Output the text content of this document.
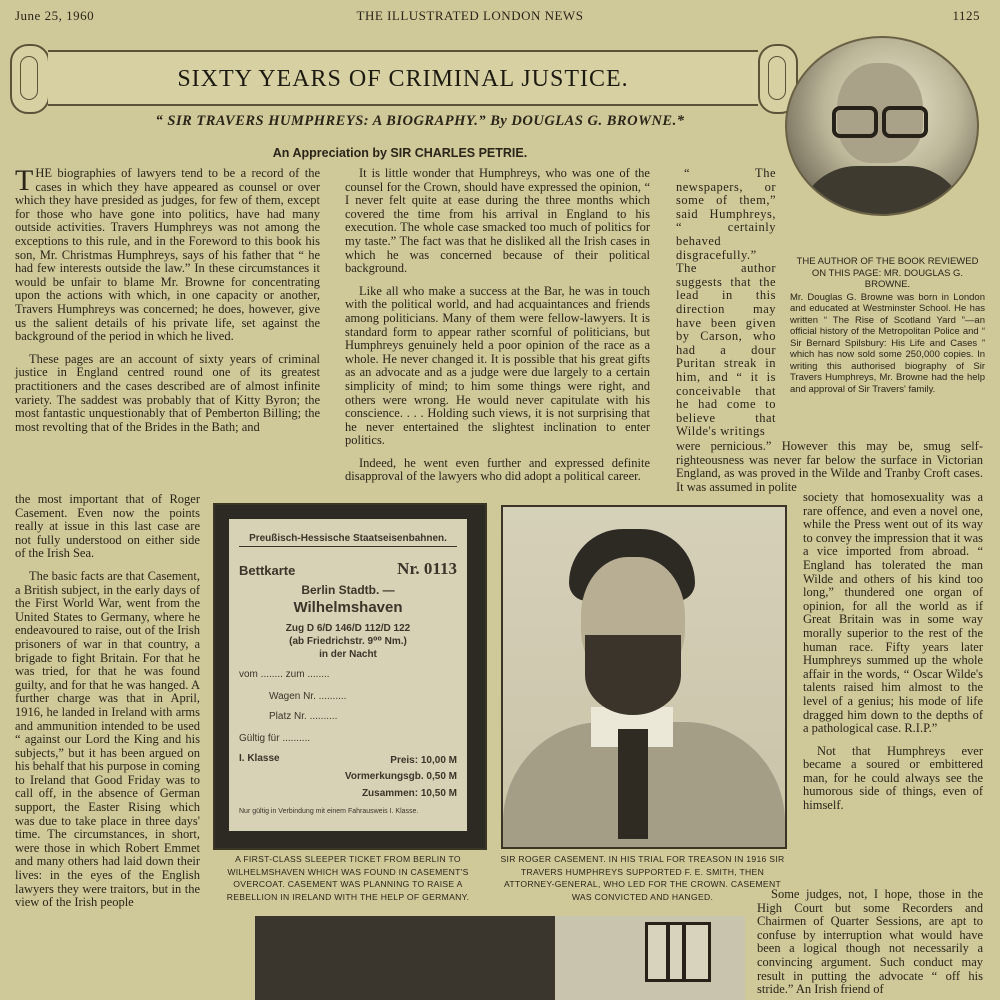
June 25, 1960	THE ILLUSTRATED LONDON NEWS	1125
SIXTY YEARS OF CRIMINAL JUSTICE.
“ SIR TRAVERS HUMPHREYS: A BIOGRAPHY.” By DOUGLAS G. BROWNE.*
An Appreciation by SIR CHARLES PETRIE.
THE AUTHOR OF THE BOOK REVIEWED ON THIS PAGE: MR. DOUGLAS G. BROWNE.
Mr. Douglas G. Browne was born in London and educated at Westminster School. He has written “ The Rise of Scotland Yard ”—an official history of the Metropolitan Police and “ Sir Bernard Spilsbury: His Life and Cases ” which has now sold some 250,000 copies. In writing this authorised biography of Sir Travers Humphreys, Mr. Browne had the help and approval of Sir Travers' family.

THE biographies of lawyers tend to be a record of the cases in which they have appeared as counsel or over which they have presided as judges, for few of them, except for those who have gone into politics, have had many outside activities. Travers Humphreys was not among the exceptions to this rule, and in the Foreword to this book his son, Mr. Christmas Humphreys, says of his father that “ he had few interests outside the law.” In these circumstances it would be unfair to blame Mr. Browne for concentrating upon the actions with which, in one capacity or another, Travers Humphreys was concerned; he does, however, give us the salient details of his private life, set against the background of the period in which he lived.

These pages are an account of sixty years of criminal justice in England centred round one of its greatest practitioners and the cases described are of almost infinite variety. The saddest was probably that of Kitty Byron; the most fantastic unquestionably that of Pemberton Billing; the most revolting that of the Brides in the Bath; and

the most important that of Roger Casement. Even now the points really at issue in this last case are not fully understood on either side of the Irish Sea.

The basic facts are that Casement, a British subject, in the early days of the First World War, went from the United States to Germany, where he endeavoured to raise, out of the Irish prisoners of war in that country, a brigade to fight Britain. For that he was tried, for that he was found guilty, and for that he was hanged. A further charge was that in April, 1916, he landed in Ireland with arms and ammunition intended to be used “ against our Lord the King and his subjects,” but it has been argued on his behalf that his purpose in coming to Ireland that Good Friday was to call off, in the absence of German support, the Easter Rising which was due to take place in three days' time. The circumstances, in short, were those in which Robert Emmet and many others had laid down their lives: in the eyes of the English lawyers they were traitors, but in the view of the Irish people

It is little wonder that Humphreys, who was one of the counsel for the Crown, should have expressed the opinion, “ I never felt quite at ease during the three months which covered the time from his arrival in England to his execution. The whole case smacked too much of politics for my taste.” The fact was that he disliked all the Irish cases in which he was concerned because of their political background.

Like all who make a success at the Bar, he was in touch with the political world, and had acquaintances and friends among politicians. Many of them were fellow-lawyers. It is standard form to appear rather scornful of politicians, but Humphreys genuinely held a poor opinion of the race as a whole. He never changed it. It is possible that his great gifts as an advocate and as a judge were due largely to a certain simplicity of mind; to him some things were right, and others were wrong. He would never capitulate with his conscience. . . . Holding such views, it is not surprising that he never entertained the slightest inclination to enter politics.

Indeed, he went even further and expressed definite disapproval of the lawyers who did adopt a political career.

“ The newspapers, or some of them,” said Humphreys, “ certainly behaved disgracefully.” The author suggests that the lead in this direction may have been given by Carson, who had a dour Puritan streak in him, and “ it is conceivable that he had come to believe that Wilde's writings

were pernicious.” However this may be, smug self-righteousness was never far below the surface in Victorian England, as was proved in the Wilde and Tranby Croft cases. It was assumed in polite

society that homosexuality was a rare offence, and even a novel one, while the Press went out of its way to convey the impression that it was a vice imported from abroad. “ England has tolerated the man Wilde and others of his kind too long,” thundered one organ of opinion, for all the world as if Great Britain was in some way morally superior to the rest of the human race. Fifty years later Humphreys summed up the whole affair in the words, “ Oscar Wilde's talents raised him almost to the level of a genius; his mode of life dragged him down to the depths of a pathological case. R.I.P.”

Not that Humphreys ever became a soured or embittered man, for he could always see the humorous side of things, even of himself.

Some judges, not, I hope, those in the High Court but some Recorders and Chairmen of Quarter Sessions, are apt to confuse by interruption what would have been a logical though not necessarily a convincing argument. Such conduct may result in putting the advocate “ off his stride.” An Irish friend of

Preußisch-Hessische Staatseisenbahnen.
Bettkarte	Nr. 0113
Berlin Stadtb. —
Wilhelmshaven
Zug D 6/D 146/D 112/D 122
(ab Friedrichstr. 9⁰⁰ Nm.)
in der Nacht
vom ........ zum ........
Wagen Nr. ..........
Platz Nr. ..........
Gültig für ..........
I. Klasse	Preis: 10,00 M
Vormerkungsgb. 0,50 M
Zusammen: 10,50 M
Nur gültig in Verbindung mit einem Fahrausweis I. Klasse.
A FIRST-CLASS SLEEPER TICKET FROM BERLIN TO WILHELMSHAVEN WHICH WAS FOUND IN CASEMENT'S OVERCOAT. CASEMENT WAS PLANNING TO RAISE A REBELLION IN IRELAND WITH THE HELP OF GERMANY.
SIR ROGER CASEMENT. IN HIS TRIAL FOR TREASON IN 1916 SIR TRAVERS HUMPHREYS SUPPORTED F. E. SMITH, THEN ATTORNEY-GENERAL, WHO LED FOR THE CROWN. CASEMENT WAS CONVICTED AND HANGED.
